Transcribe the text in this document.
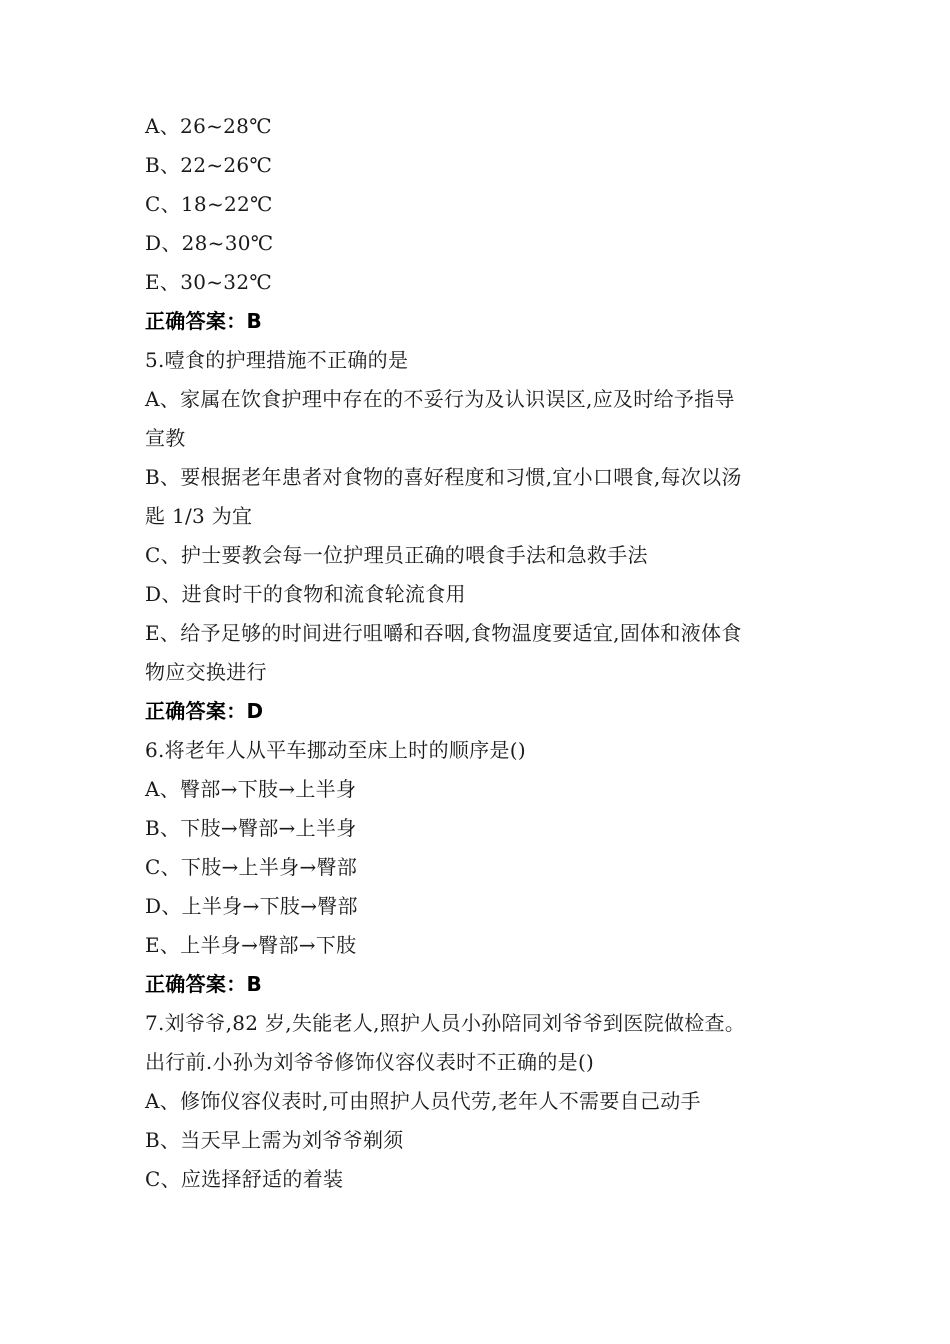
A、26~28℃
B、22~26℃
C、18~22℃
D、28~30℃
E、30~32℃
正确答案：B
5.噎食的护理措施不正确的是
A、家属在饮食护理中存在的不妥行为及认识误区,应及时给予指导
宣教
B、要根据老年患者对食物的喜好程度和习惯,宜小口喂食,每次以汤
匙 1/3 为宜
C、护士要教会每一位护理员正确的喂食手法和急救手法
D、进食时干的食物和流食轮流食用
E、给予足够的时间进行咀嚼和吞咽,食物温度要适宜,固体和液体食
物应交换进行
正确答案：D
6.将老年人从平车挪动至床上时的顺序是()
A、臀部→下肢→上半身
B、下肢→臀部→上半身
C、下肢→上半身→臀部
D、上半身→下肢→臀部
E、上半身→臀部→下肢
正确答案：B
7.刘爷爷,82 岁,失能老人,照护人员小孙陪同刘爷爷到医院做检查。
出行前.小孙为刘爷爷修饰仪容仪表时不正确的是()
A、修饰仪容仪表时,可由照护人员代劳,老年人不需要自己动手
B、当天早上需为刘爷爷剃须
C、应选择舒适的着装
